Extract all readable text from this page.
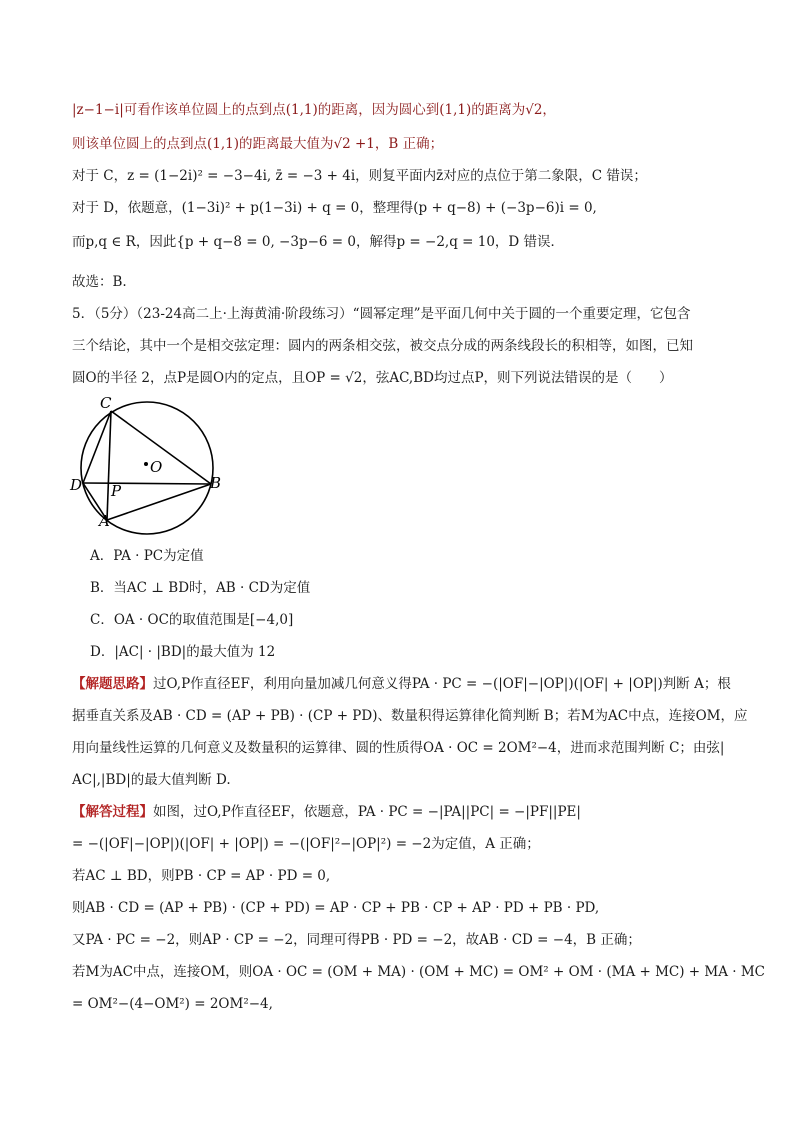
|z−1−i|可看作该单位圆上的点到点(1,1)的距离，因为圆心到(1,1)的距离为√2，
则该单位圆上的点到点(1,1)的距离最大值为√2 +1，B 正确；
对于 C，z = (1−2i)² = −3−4i, z̄ = −3 + 4i，则复平面内z̄对应的点位于第二象限，C 错误；
对于 D，依题意，(1−3i)² + p(1−3i) + q = 0，整理得(p + q−8) + (−3p−6)i = 0,
而p,q ∈ R，因此{p + q−8 = 0, −3p−6 = 0，解得p = −2,q = 10，D 错误．
故选：B.
5．（5分）（23-24高二上·上海黄浦·阶段练习）“圆幂定理”是平面几何中关于圆的一个重要定理，它包含
三个结论，其中一个是相交弦定理：圆内的两条相交弦，被交点分成的两条线段长的积相等，如图，已知
圆O的半径 2，点P是圆O内的定点，且OP = √2，弦AC,BD均过点P，则下列说法错误的是（　　）
C
O
D P	B
A
A．PA · PC为定值
B．当AC ⊥ BD时，AB · CD为定值
C．OA · OC的取值范围是[−4,0]
D．|AC| · |BD|的最大值为 12
【解题思路】过O,P作直径EF，利用向量加减几何意义得PA · PC = −(|OF|−|OP|)(|OF| + |OP|)判断 A；根
据垂直关系及AB · CD = (AP + PB) · (CP + PD)、数量积得运算律化简判断 B；若M为AC中点，连接OM，应
用向量线性运算的几何意义及数量积的运算律、圆的性质得OA · OC = 2OM²−4，进而求范围判断 C；由弦|
AC|,|BD|的最大值判断 D.
【解答过程】如图，过O,P作直径EF，依题意，PA · PC = −|PA||PC| = −|PF||PE|
= −(|OF|−|OP|)(|OF| + |OP|) = −(|OF|²−|OP|²) = −2为定值，A 正确；
若AC ⊥ BD，则PB · CP = AP · PD = 0,
则AB · CD = (AP + PB) · (CP + PD) = AP · CP + PB · CP + AP · PD + PB · PD,
又PA · PC = −2，则AP · CP = −2，同理可得PB · PD = −2，故AB · CD = −4，B 正确；
若M为AC中点，连接OM，则OA · OC = (OM + MA) · (OM + MC) = OM² + OM · (MA + MC) + MA · MC
= OM²−(4−OM²) = 2OM²−4,
